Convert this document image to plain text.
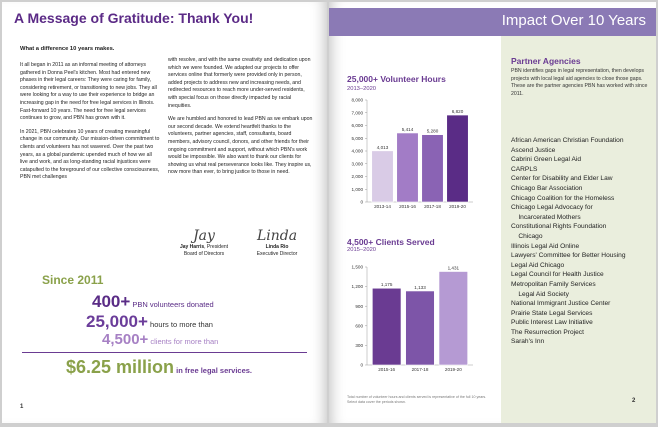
A Message of Gratitude: Thank You!
What a difference 10 years makes.

It all began in 2011 as an informal meeting of attorneys gathered in Donna Peel's kitchen. Most had entered new phases in their legal careers: They were caring for family, considering retirement, or transitioning to new jobs. They all were looking for a way to use their experience to bridge an increasing gap in the need for free legal services in Illinois. Fast-forward 10 years. The need for free legal services continues to grow, and PBN has grown with it.

In 2021, PBN celebrates 10 years of creating meaningful change in our community. Our mission-driven commitment to clients and volunteers has not wavered. Over the past two years, as a global pandemic upended much of how we all live and work, and as long-standing racial injustices were catapulted to the foreground of our collective consciousness, PBN met challenges

with resolve, and with the same creativity and dedication upon which we were founded. We adapted our projects to offer services online that formerly were provided only in person, added projects to address new and increasing needs, and redirected resources to reach more under-served residents, with special focus on those directly impacted by racial inequities.

We are humbled and honored to lead PBN as we embark upon our second decade. We extend heartfelt thanks to the volunteers, partner agencies, staff, consultants, board members, advisory council, donors, and other friends for their ongoing commitment and support, without which PBN's work would be impossible. We also want to thank our clients for showing us what real perseverance looks like. They inspire us, now more than ever, to bring justice to those in need.

Jay
Jay Harris, President
Board of Directors
Linda
Linda Rio
Executive Director
Since 2011
400+ PBN volunteers donated
25,000+ hours to more than
4,500+ clients for more than
$6.25 million in free legal services.
1
Impact Over 10 Years
25,000+ Volunteer Hours
2013–2020
0
1,000
2,000
3,000
4,000
5,000
6,000
7,000
8,000
4,013
2013-14
5,414
2015-16
5,280
2017-18
6,820
2019-20
4,500+ Clients Served
2015–2020
0
300
600
900
1,200
1,500
1,175
2015-16
1,133
2017-18
1,431
2019-20
Total number of volunteer hours and clients served is representative of the full 10 years. Select data cover the periods shown.
Partner Agencies
PBN identifies gaps in legal representation, then develops projects with local legal aid agencies to close those gaps. These are the partner agencies PBN has worked with since 2011.
African American Christian Foundation
Ascend Justice
Cabrini Green Legal Aid
CARPLS
Center for Disability and Elder Law
Chicago Bar Association
Chicago Coalition for the Homeless
Chicago Legal Advocacy for
Incarcerated Mothers
Constitutional Rights Foundation
Chicago
Illinois Legal Aid Online
Lawyers' Committee for Better Housing
Legal Aid Chicago
Legal Council for Health Justice
Metropolitan Family Services
Legal Aid Society
National Immigrant Justice Center
Prairie State Legal Services
Public Interest Law Initiative
The Resurrection Project
Sarah's Inn
2
